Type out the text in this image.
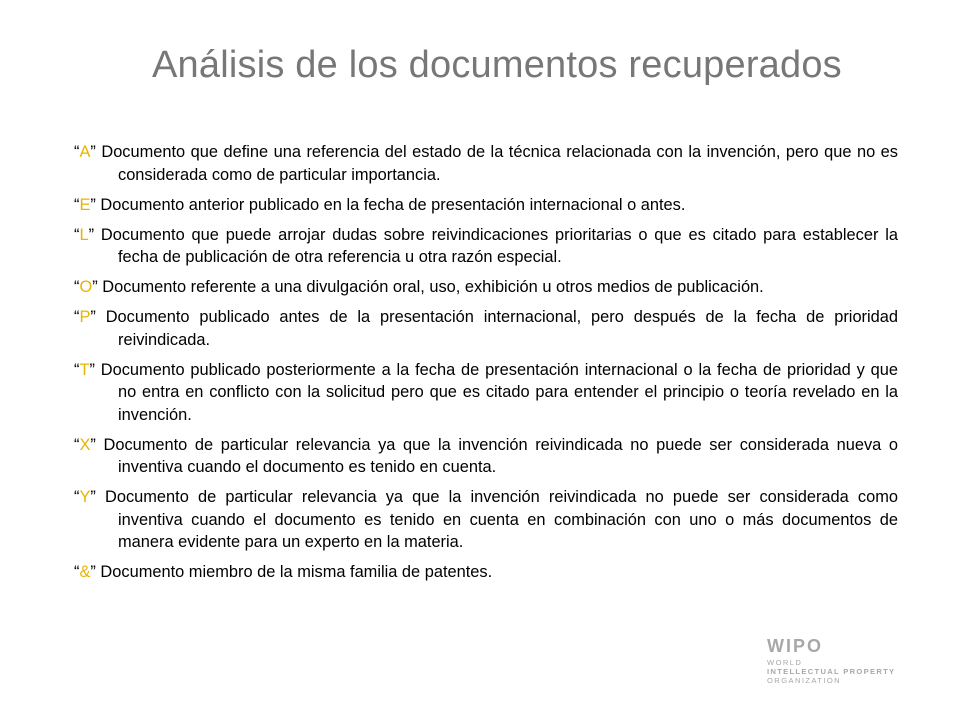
Análisis de los documentos recuperados

“A” Documento que define una referencia del estado de la técnica relacionada con la invención, pero que no es considerada como de particular importancia.

“E” Documento anterior publicado en la fecha de presentación internacional o antes.

“L” Documento que puede arrojar dudas sobre reivindicaciones prioritarias o que es citado para establecer la fecha de publicación de otra referencia u otra razón especial.

“O” Documento referente a una divulgación oral, uso, exhibición u otros medios de publicación.

“P” Documento publicado antes de la presentación internacional, pero después de la fecha de prioridad reivindicada.

“T” Documento publicado posteriormente a la fecha de presentación internacional o la fecha de prioridad y que no entra en conflicto con la solicitud pero que es citado para entender el principio o teoría revelado en la invención.

“X” Documento de particular relevancia ya que la invención reivindicada no puede ser considerada nueva o inventiva cuando el documento es tenido en cuenta.

“Y” Documento de particular relevancia ya que la invención reivindicada no puede ser considerada como inventiva cuando el documento es tenido en cuenta en combinación con uno o más documentos de manera evidente para un experto en la materia.

“&” Documento miembro de la misma familia de patentes.

WIPO
WORLD
INTELLECTUAL PROPERTY
ORGANIZATION
